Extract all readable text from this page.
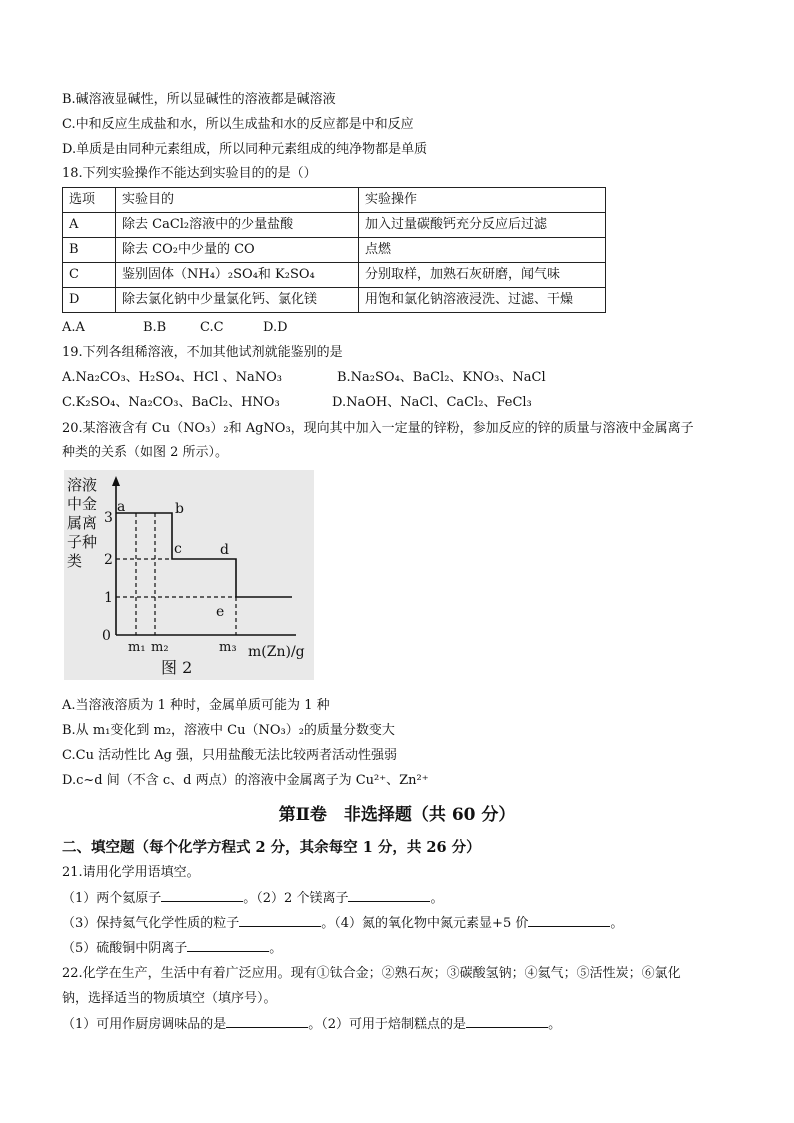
B.碱溶液显碱性，所以显碱性的溶液都是碱溶液
C.中和反应生成盐和水，所以生成盐和水的反应都是中和反应
D.单质是由同种元素组成，所以同种元素组成的纯净物都是单质
18.下列实验操作不能达到实验目的的是（）
选项	实验目的	实验操作
A	除去 CaCl₂溶液中的少量盐酸	加入过量碳酸钙充分反应后过滤
B	除去 CO₂中少量的 CO	点燃
C	鉴别固体（NH₄）₂SO₄和 K₂SO₄	分别取样，加熟石灰研磨，闻气味
D	除去氯化钠中少量氯化钙、氯化镁	用饱和氯化钠溶液浸洗、过滤、干燥
A.A	B.B	C.C	D.D
19.下列各组稀溶液，不加其他试剂就能鉴别的是
A.Na₂CO₃、H₂SO₄、HCl 、NaNO₃	B.Na₂SO₄、BaCl₂、KNO₃、NaCl
C.K₂SO₄、Na₂CO₃、BaCl₂、HNO₃	D.NaOH、NaCl、CaCl₂、FeCl₃
20.某溶液含有 Cu（NO₃）₂和 AgNO₃，现向其中加入一定量的锌粉，参加反应的锌的质量与溶液中金属离子
种类的关系（如图 2 所示）。
溶液
中金
属离
子种
类
3
2
1
0
a	b
c	d
e
m₁ m₂	m₃ m(Zn)/g
图 2
A.当溶液溶质为 1 种时，金属单质可能为 1 种
B.从 m₁变化到 m₂，溶液中 Cu（NO₃）₂的质量分数变大
C.Cu 活动性比 Ag 强，只用盐酸无法比较两者活动性强弱
D.c~d 间（不含 c、d 两点）的溶液中金属离子为 Cu²⁺、Zn²⁺
第Ⅱ卷　非选择题（共 60 分）
二、填空题（每个化学方程式 2 分，其余每空 1 分，共 26 分）
21.请用化学用语填空。
（1）两个氦原子	。（2）2 个镁离子	。
（3）保持氦气化学性质的粒子	。（4）氮的氧化物中氮元素显+5 价	。
（5）硫酸铜中阴离子	。
22.化学在生产，生活中有着广泛应用。现有①钛合金；②熟石灰；③碳酸氢钠；④氦气；⑤活性炭；⑥氯化
钠，选择适当的物质填空（填序号）。
（1）可用作厨房调味品的是	。（2）可用于焙制糕点的是	。
